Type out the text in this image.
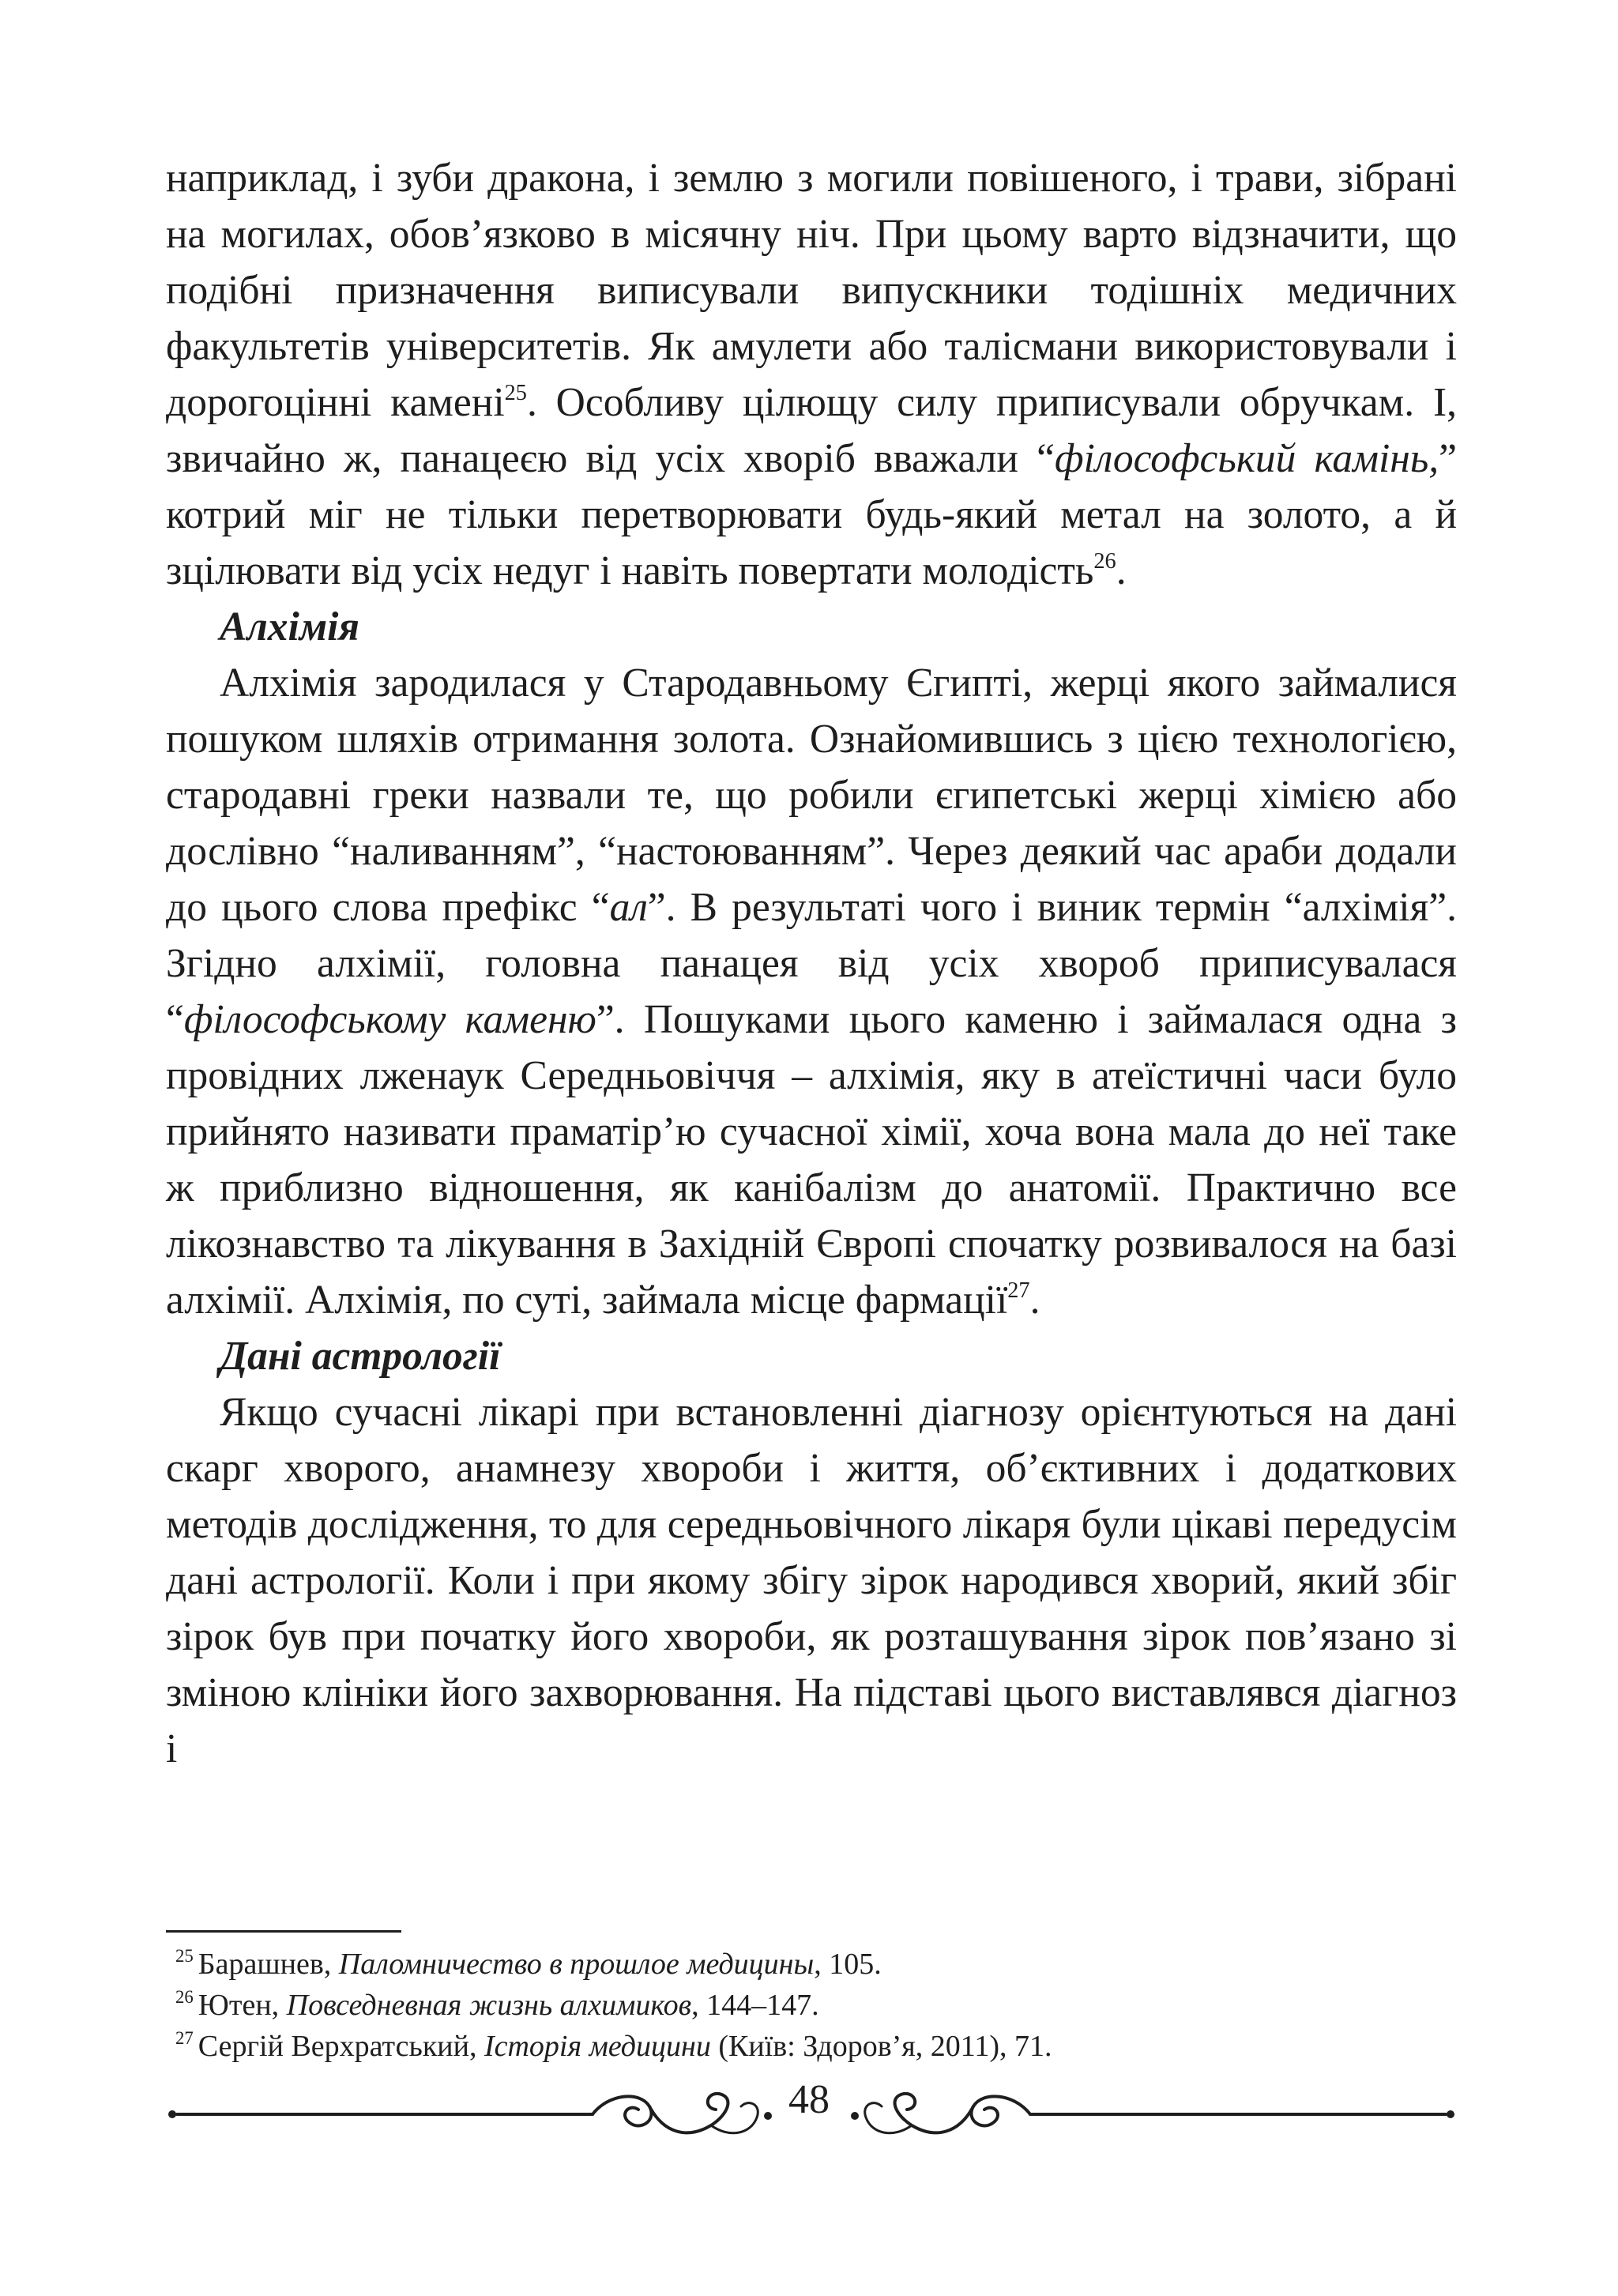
наприклад, і зуби дракона, і землю з могили повішеного, і трави, зібрані на могилах, обов’язково в місячну ніч. При цьому варто відзначити, що подібні призначення виписували випускники тодішніх медичних факультетів університетів. Як амулети або талісмани використовували і дорогоцінні камені$^{25}$. Особливу цілющу силу приписували обручкам. І, звичайно ж, панацеєю від усіх хворіб вважали “філософський камінь,” котрий міг не тільки перетворювати будь-який метал на золото, а й зцілювати від усіх недуг і навіть повертати молодість$^{26}$.

Алхімія

Алхімія зародилася у Стародавньому Єгипті, жерці якого займалися пошуком шляхів отримання золота. Ознайомившись з цією технологією, стародавні греки назвали те, що робили єгипетські жерці хімією або дослівно “наливанням”, “настоюванням”. Через деякий час араби додали до цього слова префікс “ал”. В результаті чого і виник термін “алхімія”. Згідно алхімії, головна панацея від усіх хвороб приписувалася “філософському каменю”. Пошуками цього каменю і займалася одна з провідних лженаук Середньовіччя – алхімія, яку в атеїстичні часи було прийнято називати праматір’ю сучасної хімії, хоча вона мала до неї таке ж приблизно відношення, як канібалізм до анатомії. Практично все лікознавство та лікування в Західній Європі спочатку розвивалося на базі алхімії. Алхімія, по суті, займала місце фармації$^{27}$.

Дані астрології

Якщо сучасні лікарі при встановленні діагнозу орієнтуються на дані скарг хворого, анамнезу хвороби і життя, об’єктивних і додаткових методів дослідження, то для середньовічного лікаря були цікаві передусім дані астрології. Коли і при якому збігу зірок народився хворий, який збіг зірок був при початку його хвороби, як розташування зірок пов’язано зі зміною клініки його захворювання. На підставі цього виставлявся діагноз і

$^{25}$ Барашнев, Паломничество в прошлое медицины, 105.

$^{26}$ Ютен, Повседневная жизнь алхимиков, 144–147.

$^{27}$ Сергій Верхратський, Історія медицини (Київ: Здоров’я, 2011), 71.

48
